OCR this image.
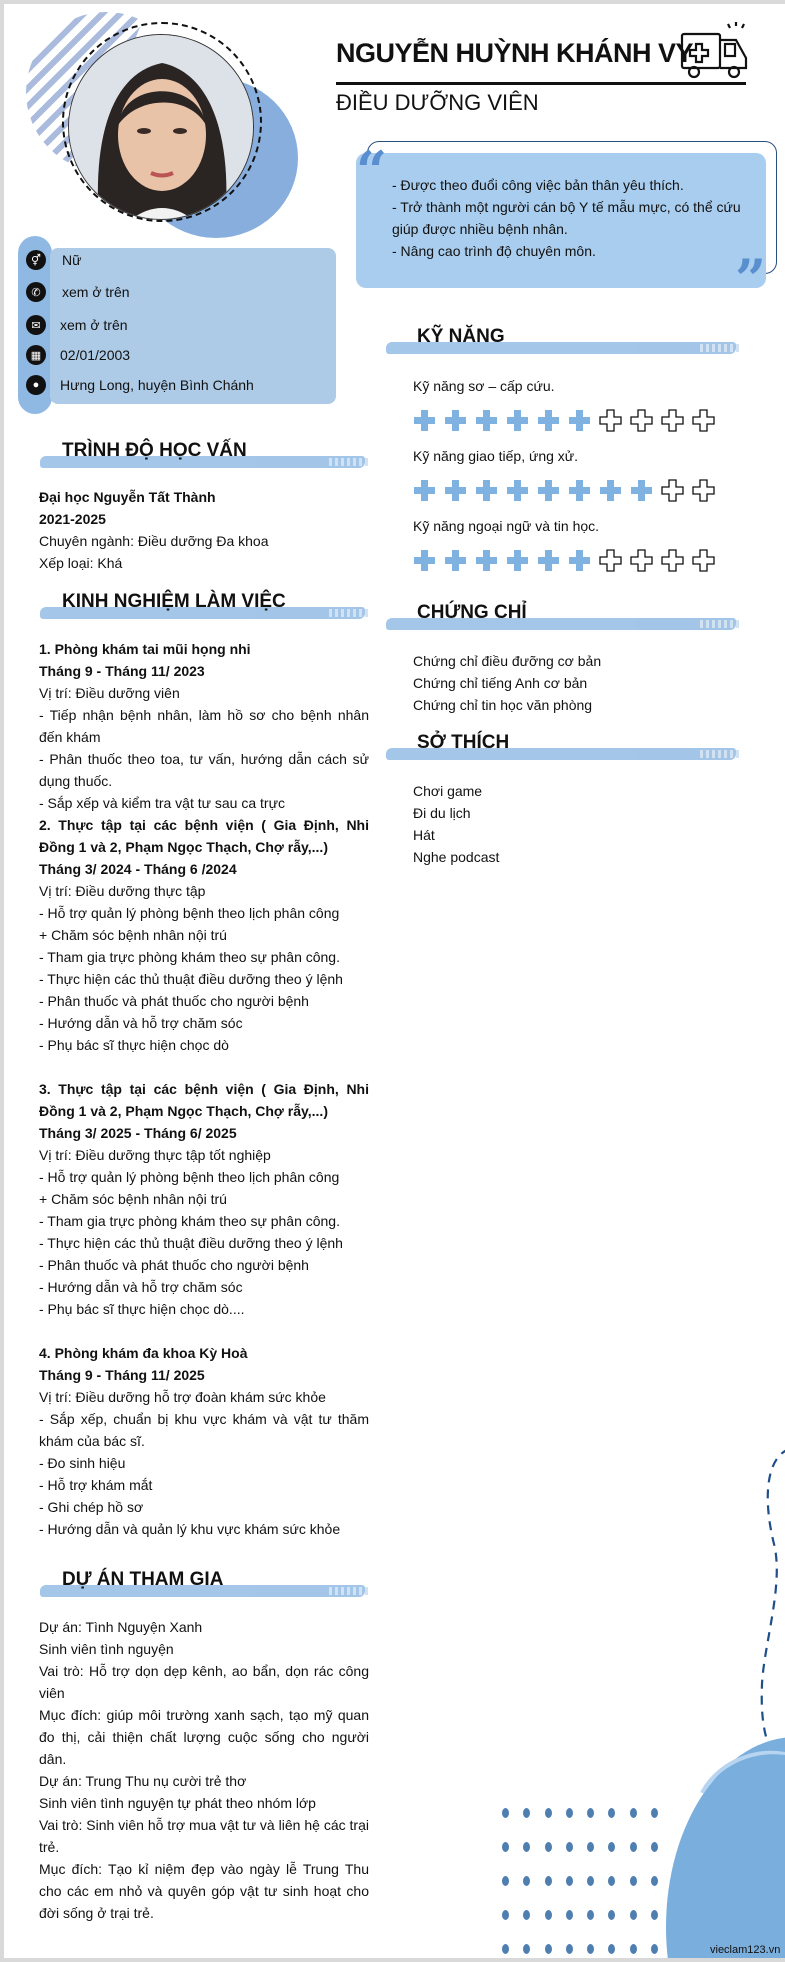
NGUYỄN HUỲNH KHÁNH VY
ĐIỀU DƯỠNG VIÊN
“
”
- Được theo đuổi công việc bản thân yêu thích.
- Trở thành một người cán bộ Y tế mẫu mực, có thể cứu giúp được nhiều bệnh nhân.
- Nâng cao trình độ chuyên môn.
⚥	Nữ
✆	xem ở trên
✉	xem ở trên
▦	02/01/2003
●	Hưng Long, huyện Bình Chánh
TRÌNH ĐỘ HỌC VẤN
Đại học Nguyễn Tất Thành
2021-2025
Chuyên ngành: Điều dưỡng Đa khoa
Xếp loại: Khá
KINH NGHIỆM LÀM VIỆC
1. Phòng khám tai mũi họng nhi
Tháng 9 - Tháng 11/ 2023
Vị trí: Điều dưỡng viên
- Tiếp nhận bệnh nhân, làm hồ sơ cho bệnh nhân đến khám
- Phân thuốc theo toa, tư vấn, hướng dẫn cách sử dụng thuốc.
- Sắp xếp và kiểm tra vật tư sau ca trực
2. Thực tập tại các bệnh viện ( Gia Định, Nhi Đồng 1 và 2, Phạm Ngọc Thạch, Chợ rẫy,...)
Tháng 3/ 2024 - Tháng 6 /2024
Vị trí: Điều dưỡng thực tập
- Hỗ trợ quản lý phòng bệnh theo lịch phân công
+ Chăm sóc bệnh nhân nội trú
- Tham gia trực phòng khám theo sự phân công.
- Thực hiện các thủ thuật điều dưỡng theo ý lệnh
- Phân thuốc và phát thuốc cho người bệnh
- Hướng dẫn và hỗ trợ chăm sóc
- Phụ bác sĩ thực hiện chọc dò
3. Thực tập tại các bệnh viện ( Gia Định, Nhi Đồng 1 và 2, Phạm Ngọc Thạch, Chợ rẫy,...)
Tháng 3/ 2025 - Tháng 6/ 2025
Vị trí: Điều dưỡng thực tập tốt nghiệp
- Hỗ trợ quản lý phòng bệnh theo lịch phân công
+ Chăm sóc bệnh nhân nội trú
- Tham gia trực phòng khám theo sự phân công.
- Thực hiện các thủ thuật điều dưỡng theo ý lệnh
- Phân thuốc và phát thuốc cho người bệnh
- Hướng dẫn và hỗ trợ chăm sóc
- Phụ bác sĩ thực hiện chọc dò....
4. Phòng khám đa khoa Kỳ Hoà
Tháng 9 - Tháng 11/ 2025
Vị trí: Điều dưỡng hỗ trợ đoàn khám sức khỏe
- Sắp xếp, chuẩn bị khu vực khám và vật tư thăm khám của bác sĩ.
- Đo sinh hiệu
- Hỗ trợ khám mắt
- Ghi chép hồ sơ
- Hướng dẫn và quản lý khu vực khám sức khỏe
DỰ ÁN THAM GIA
Dự án: Tình Nguyện Xanh
Sinh viên tình nguyện
Vai trò: Hỗ trợ dọn dẹp kênh, ao bẩn, dọn rác công viên
Mục đích: giúp môi trường xanh sạch, tạo mỹ quan đo thị, cải thiện chất lượng cuộc sống cho người dân.
Dự án: Trung Thu nụ cười trẻ thơ
Sinh viên tình nguyện tự phát theo nhóm lớp
Vai trò: Sinh viên hỗ trợ mua vật tư và liên hệ các trại trẻ.
Mục đích: Tạo kỉ niệm đẹp vào ngày lễ Trung Thu cho các em nhỏ và quyên góp vật tư sinh hoạt cho đời sống ở trại trẻ.
KỸ NĂNG
Kỹ năng sơ – cấp cứu.
Kỹ năng giao tiếp, ứng xử.
Kỹ năng ngoại ngữ và tin học.
CHỨNG CHỈ
Chứng chỉ điều đưỡng cơ bản
Chứng chỉ tiếng Anh cơ bản
Chứng chỉ tin học văn phòng
SỞ THÍCH
Chơi game
Đi du lịch
Hát
Nghe podcast
vieclam123.vn
